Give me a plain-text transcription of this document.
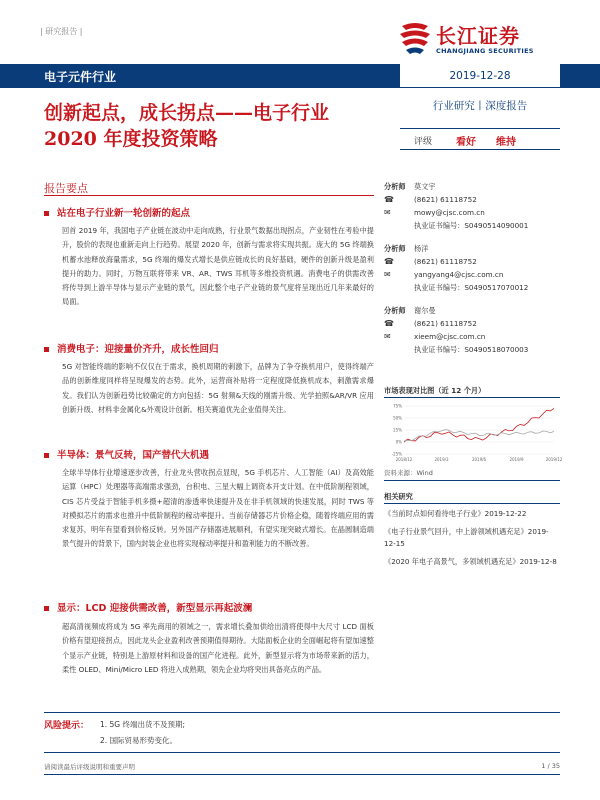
| 研究报告 |	长江证券
CHANGJIANG SECURITIES
电子元件行业	2019-12-28
创新起点，成长拐点——电子行业
2020 年度投资策略
行业研究丨深度报告
评级 看好 维持
报告要点
站在电子行业新一轮创新的起点
回首 2019 年，我国电子产业链在波动中走向成熟，行业景气数据出现拐点，产业韧性在考验中提升，股价的表现也重新走向上行趋势。展望 2020 年，创新与需求将实现共振。庞大的 5G 终端换机蓄水池释放海量需求，5G 终端的爆发式增长是供应链成长的良好基础，硬件的创新升级是盈利提升的助力。同时，万物互联将带来 VR、AR、TWS 耳机等多维投资机遇。消费电子的供需改善将传导到上游半导体与显示产业链的景气，因此整个电子产业链的景气度将呈现出近几年来最好的局面。
消费电子：迎接量价齐升，成长性回归
5G 对智能终端的影响不仅仅在于需求，换机周期的刺激下，品牌为了争夺换机用户，使得终端产品的创新维度同样将呈现爆发的态势。此外，运营商补贴将一定程度降低换机成本，刺激需求爆发。我们认为创新趋势比较确定的方向包括：5G 射频&天线的刚需升级、光学拍照&AR/VR 应用创新升级、材料非金属化&外观设计创新。相关赛道优先企业值得关注。
半导体：景气反转，国产替代大机遇
全球半导体行业增速逐步改善，行业龙头营收拐点显现，5G 手机芯片、人工智能（AI）及高效能运算（HPC）处理器等高端需求强劲，台积电、三星大幅上调资本开支计划。在中低阶制程领域，CIS 芯片受益于智能手机多摄+超清的渗透率快速提升及在非手机领域的快速发展，同时 TWS 等对模拟芯片的需求也推升中低阶制程的稼动率提升。当前存储器芯片价格企稳，随着终端应用的需求复苏，明年有望看到价格反转。另外国产存储器进展顺利，有望实现突破式增长。在晶圆制造端景气提升的背景下，国内封装企业也将实现稼动率提升和盈利能力的不断改善。
显示：LCD 迎接供需改善，新型显示再起波澜
超高清视频成将成为 5G 率先商用的领域之一，需求增长叠加供给出清将使得中大尺寸 LCD 面板价格有望迎接拐点，因此龙头企业盈利改善预期值得期待。大陆面板企业的全面崛起将有望加速整个显示产业链，特别是上游原材料和设备的国产化进程。此外，新型显示将为市场带来新的活力，柔性 OLED、Mini/Micro LED 将进入成熟期，领先企业均将突出具备亮点的产品。
分析师	莫文宇
☎	(8621) 61118752
✉	mowy@cjsc.com.cn
执业证书编号：S0490514090001
分析师	杨洋
☎	(8621) 61118752
✉	yangyang4@cjsc.com.cn
执业证书编号：S0490517070012
分析师	谢尔曼
☎	(8621) 61118752
✉	xieem@cjsc.com.cn
执业证书编号：S0490518070003
市场表现对比图（近 12 个月）
75%
50%
25%
0%
-25%
2018/12	2019/3	2019/6	2019/9	2019/12
资料来源：Wind
相关研究
《当前时点如何看待电子行业》2019-12-22
《电子行业景气回升，中上游领域机遇充足》2019-12-15
《2020 年电子高景气，多领域机遇充足》2019-12-8
风险提示： 1. 5G 终端出货不及预期;
2. 国际贸易形势变化。
请阅读最后评级说明和重要声明	1 / 35
